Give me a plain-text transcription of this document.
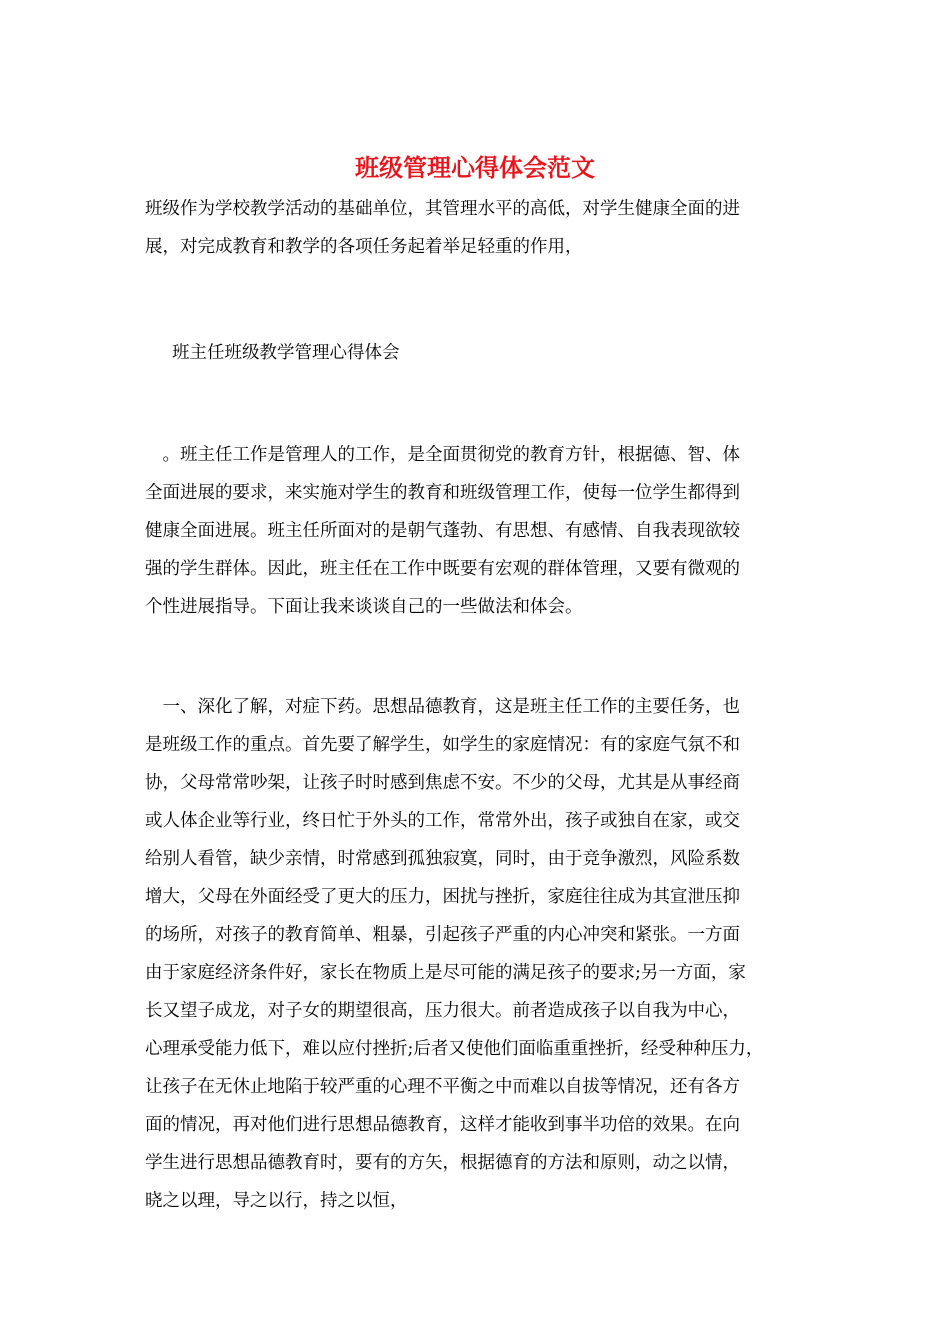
班级管理心得体会范文

班级作为学校教学活动的基础单位，其管理水平的高低，对学生健康全面的进
展，对完成教育和教学的各项任务起着举足轻重的作用，

班主任班级教学管理心得体会

　。班主任工作是管理人的工作，是全面贯彻党的教育方针，根据德、智、体
全面进展的要求，来实施对学生的教育和班级管理工作，使每一位学生都得到
健康全面进展。班主任所面对的是朝气蓬勃、有思想、有感情、自我表现欲较
强的学生群体。因此，班主任在工作中既要有宏观的群体管理，又要有微观的
个性进展指导。下面让我来谈谈自己的一些做法和体会。

　一、深化了解，对症下药。思想品德教育，这是班主任工作的主要任务，也
是班级工作的重点。首先要了解学生，如学生的家庭情况：有的家庭气氛不和
协，父母常常吵架，让孩子时时感到焦虑不安。不少的父母，尤其是从事经商
或人体企业等行业，终日忙于外头的工作，常常外出，孩子或独自在家，或交
给别人看管，缺少亲情，时常感到孤独寂寞，同时，由于竞争激烈，风险系数
增大，父母在外面经受了更大的压力，困扰与挫折，家庭往往成为其宣泄压抑
的场所，对孩子的教育简单、粗暴，引起孩子严重的内心冲突和紧张。一方面
由于家庭经济条件好，家长在物质上是尽可能的满足孩子的要求;另一方面，家
长又望子成龙，对子女的期望很高，压力很大。前者造成孩子以自我为中心，
心理承受能力低下，难以应付挫折;后者又使他们面临重重挫折，经受种种压力，
让孩子在无休止地陷于较严重的心理不平衡之中而难以自拔等情况，还有各方
面的情况，再对他们进行思想品德教育，这样才能收到事半功倍的效果。在向
学生进行思想品德教育时，要有的方矢，根据德育的方法和原则，动之以情，
晓之以理，导之以行，持之以恒，
